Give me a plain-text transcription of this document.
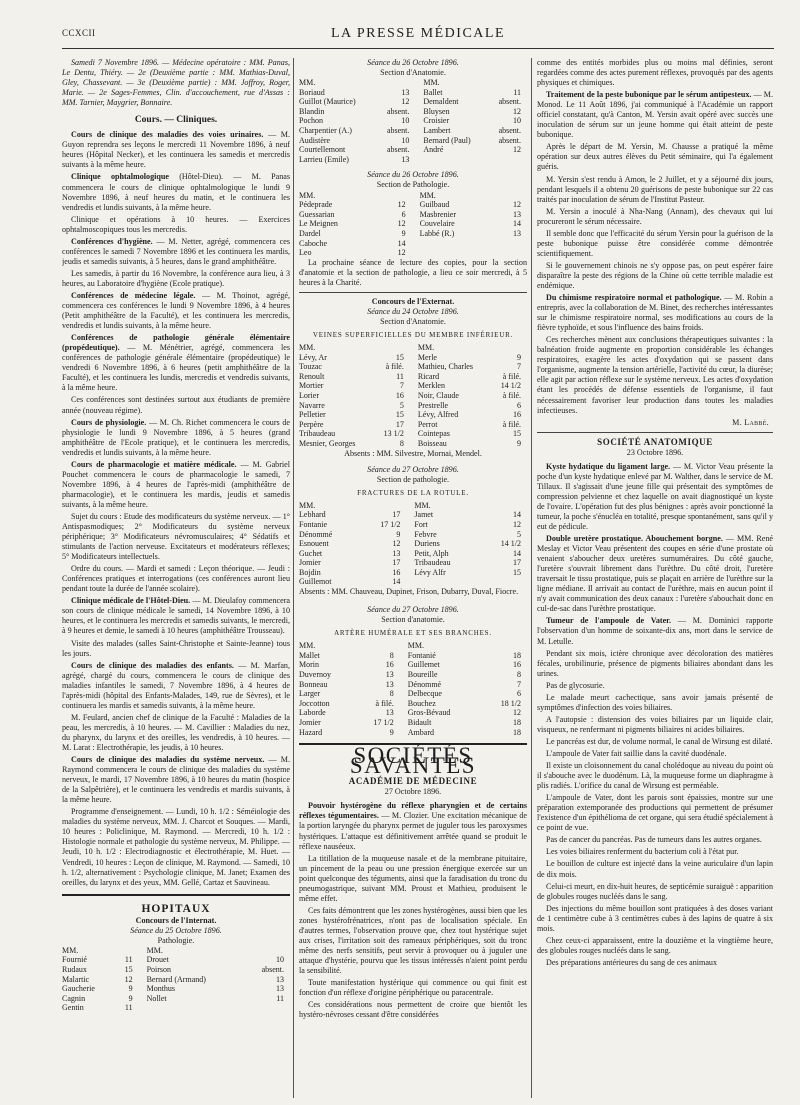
CCXCII	LA PRESSE MÉDICALE

Samedi 7 Novembre 1896. — Médecine opératoire : MM. Panas, Le Dentu, Thiéry. — 2e (Deuxième partie : MM. Mathias-Duval, Gley, Chassevant. — 3e (Deuxième partie) : MM. Joffroy, Roger, Marie. — 2e Sages-Femmes, Clin. d'accouchement, rue d'Assas : MM. Tarnier, Maygrier, Bonnaire.

Cours. — Cliniques.

Cours de clinique des maladies des voies urinaires. — M. Guyon reprendra ses leçons le mercredi 11 Novembre 1896, à neuf heures (Hôpital Necker), et les continuera les samedis et mercredis suivants à la même heure.

Clinique ophtalmologique (Hôtel-Dieu). — M. Panas commencera le cours de clinique ophtalmologique le lundi 9 Novembre 1896, à neuf heures du matin, et le continuera les vendredis et lundis suivants, à la même heure.

Clinique et opérations à 10 heures. — Exercices ophtalmoscopiques tous les mercredis.

Conférences d'hygiène. — M. Netter, agrégé, commencera ces conférences le samedi 7 Novembre 1896 et les continuera les mardis, jeudis et samedis suivants, à 5 heures, dans le grand amphithéâtre.

Les samedis, à partir du 16 Novembre, la conférence aura lieu, à 3 heures, au Laboratoire d'hygiène (Ecole pratique).

Conférences de médecine légale. — M. Thoinot, agrégé, commencera ces conférences le lundi 9 Novembre 1896, à 4 heures (Petit amphithéâtre de la Faculté), et les continuera les mercredis, vendredis et lundis suivants, à la même heure.

Conférences de pathologie générale élémentaire (propédeutique). — M. Ménétrier, agrégé, commencera les conférences de pathologie générale élémentaire (propédeutique) le vendredi 6 Novembre 1896, à 6 heures (petit amphithéâtre de la Faculté), et les continuera les lundis, mercredis et vendredis suivants, à la même heure.

Ces conférences sont destinées surtout aux étudiants de première année (nouveau régime).

Cours de physiologie. — M. Ch. Richet commencera le cours de physiologie le lundi 9 Novembre 1896, à 5 heures (grand amphithéâtre de l'Ecole pratique), et le continuera les mercredis, vendredis et lundis suivants, à la même heure.

Cours de pharmacologie et matière médicale. — M. Gabriel Pouchet commencera le cours de pharmacologie le samedi, 7 Novembre 1896, à 4 heures de l'après-midi (amphithéâtre de pharmacologie), et le continuera les mardis, jeudis et samedis suivants, à la même heure.

Sujet du cours : Etude des modificateurs du système nerveux. — 1° Antispasmodiques; 2° Modificateurs du système nerveux périphérique; 3° Modificateurs névromusculaires; 4° Sédatifs et stimulants de l'action nerveuse. Excitateurs et modérateurs réflexes; 5° Modificateurs intellectuels.

Ordre du cours. — Mardi et samedi : Leçon théorique. — Jeudi : Conférences pratiques et interrogations (ces conférences auront lieu pendant toute la durée de l'année scolaire).

Clinique médicale de l'Hôtel-Dieu. — M. Dieulafoy commencera son cours de clinique médicale le samedi, 14 Novembre 1896, à 10 heures, et le continuera les mercredis et samedis suivants, le mercredi, à 9 heures et demie, le samedi à 10 heures (amphithéâtre Trousseau).

Visite des malades (salles Saint-Christophe et Sainte-Jeanne) tous les jours.

Cours de clinique des maladies des enfants. — M. Marfan, agrégé, chargé du cours, commencera le cours de clinique des maladies infantiles le samedi, 7 Novembre 1896, à 4 heures de l'après-midi (hôpital des Enfants-Malades, 149, rue de Sèvres), et le continuera les mardis et samedis suivants, à la même heure.

M. Feulard, ancien chef de clinique de la Faculté : Maladies de la peau, les mercredis, à 10 heures. — M. Cavillier : Maladies du nez, du pharynx, du larynx et des oreilles, les vendredis, à 10 heures. — M. Larat : Electrothérapie, les jeudis, à 10 heures.

Cours de clinique des maladies du système nerveux. — M. Raymond commencera le cours de clinique des maladies du système nerveux, le mardi, 17 Novembre 1896, à 10 heures du matin (hospice de la Salpêtrière), et le continuera les vendredis et mardis suivants, à la même heure.

Programme d'enseignement. — Lundi, 10 h. 1/2 : Séméiologie des maladies du système nerveux, MM. J. Charcot et Souques. — Mardi, 10 heures : Policlinique, M. Raymond. — Mercredi, 10 h. 1/2 : Histologie normale et pathologie du système nerveux, M. Philippe. — Jeudi, 10 h. 1/2 : Electrodiagnostic et électrothérapie, M. Huet. — Vendredi, 10 heures : Leçon de clinique, M. Raymond. — Samedi, 10 h. 1/2, alternativement : Psychologie clinique, M. Janet; Examen des oreilles, du larynx et des yeux, MM. Gellé, Cartaz et Sauvineau.

HOPITAUX
Concours de l'Internat.
Séance du 25 Octobre 1896.
Pathologie.
MM.			MM.	
Fournié	11		Drouet	10
Rudaux	15		Poirson	absent.
Malartic	12		Bernard (Armand)	13
Gaucherie	9		Monthus	13
Cagnin	9		Nollet	11
Gentin	11			
Séance du 26 Octobre 1896.
Section d'Anatomie.
MM.			MM.	
Boriaud	13		Ballet	11
Guillot (Maurice)	12		Demaldent	absent.
Blandin	absent.		Bluysen	12
Pochon	10		Croisier	10
Charpentier (A.)	absent.		Lambert	absent.
Audistère	10		Bernard (Paul)	absent.
Courtellemont	absent.		André	12
Larrieu (Emile)	13			
Séance du 26 Octobre 1896.
Section de Pathologie.
MM.			MM.	
Pédeprade	12		Guilbaud	12
Guessarian	6		Masbrenier	13
Le Meignen	12		Couvelaire	14
Dardel	9		Labbé (R.)	13
Caboche	14			
Leo	12			

La prochaine séance de lecture des copies, pour la section d'anatomie et la section de pathologie, a lieu ce soir mercredi, à 5 heures à la Charité.

Concours de l'Externat.
Séance du 24 Octobre 1896.
Section d'Anatomie.
VEINES SUPERFICIELLES DU MEMBRE INFÉRIEUR.
MM.			MM.	
Lévy, Ar	15		Merle	9
Touzac	à filé.		Mathieu, Charles	7
Renoult	11		Ricard	à filé.
Mortier	7		Merklen	14 1/2
Lorier	16		Noir, Claude	à filé.
Navarre	5		Prestrelle	6
Pelletier	15		Lévy, Alfred	16
Perpère	17		Perrot	à filé.
Tribaudeau	13 1/2		Cointepas	15
Mesnier, Georges	8		Boisseau	9
Absents : MM. Silvestre, Mornai, Mendel.
Séance du 27 Octobre 1896.
Section de pathologie.
FRACTURES DE LA ROTULE.
MM.			MM.	
Lebhard	17		Jamet	14
Fontanie	17 1/2		Fort	12
Dénommé	9		Febvre	5
Esnouent	12		Duriens	14 1/2
Guchet	13		Petit, Alph	14
Jomier	17		Tribaudeau	17
Bojdin	16		Lévy Alfr	15
Guillemot	14			

Absents : MM. Chauveau, Dupinet, Frison, Dubarry, Duval, Fiocre.

Séance du 27 Octobre 1896.
Section d'anatomie.
ARTÈRE HUMÉRALE ET SES BRANCHES.
MM.			MM.	
Mallet	8		Fontanié	18
Morin	16		Guillemet	16
Duvernoy	13		Boureille	8
Bonneau	13		Dénommé	7
Larger	8		Delbecque	6
Joccotton	à filé.		Bouchez	18 1/2
Laborde	13		Gros-Bévaud	12
Jomier	17 1/2		Bidault	18
Hazard	9		Ambard	18
SOCIÉTÉS SAVANTES
ACADÉMIE DE MÉDECINE
27 Octobre 1896.

Pouvoir hystérogène du réflexe pharyngien et de certains réflexes tégumentaires. — M. Clozier. Une excitation mécanique de la portion laryngée du pharynx permet de juguler tous les paroxysmes hystériques. L'attaque est définitivement arrêtée quand se produit le réflexe nauséeux.

La titillation de la muqueuse nasale et de la membrane pituitaire, un pincement de la peau ou une pression énergique exercée sur un point quelconque des téguments, ainsi que la faradisation du tronc du pneumogastrique, suivant MM. Proust et Mathieu, produisent le même effet.

Ces faits démontrent que les zones hystérogènes, aussi bien que les zones hystérofrénatrices, n'ont pas de localisation spéciale. En d'autres termes, l'observation prouve que, chez tout hystérique sujet aux crises, l'irritation soit des rameaux périphériques, soit du tronc même des nerfs sensitifs, peut servir à provoquer ou à juguler une attaque d'hystérie, pourvu que les tissus intéressés n'aient point perdu la sensibilité.

Toute manifestation hystérique qui commence ou qui finit est fonction d'un réflexe d'origine périphérique ou paracentrale.

Ces considérations nous permettent de croire que bientôt les hystéro-névroses cessant d'être considérées

comme des entités morbides plus ou moins mal définies, seront regardées comme des actes purement réflexes, provoqués par des agents physiques et chimiques.

Traitement de la peste bubonique par le sérum antipesteux. — M. Monod. Le 11 Août 1896, j'ai communiqué à l'Académie un rapport officiel constatant, qu'à Canton, M. Yersin avait opéré avec succès une inoculation de sérum sur un jeune homme qui était atteint de peste bubonique.

Après le départ de M. Yersin, M. Chausse a pratiqué la même opération sur deux autres élèves du Petit séminaire, qui l'a également guéris.

M. Yersin s'est rendu à Amon, le 2 Juillet, et y a séjourné dix jours, pendant lesquels il a obtenu 20 guérisons de peste bubonique sur 22 cas traités par inoculation de sérum de l'Institut Pasteur.

M. Yersin a inoculé à Nha-Nang (Annam), des chevaux qui lui procureront le sérum nécessaire.

Il semble donc que l'efficacité du sérum Yersin pour la guérison de la peste bubonique puisse être considérée comme démontrée scientifiquement.

Si le gouvernement chinois ne s'y oppose pas, on peut espérer faire disparaître la peste des régions de la Chine où cette terrible maladie est endémique.

Du chimisme respiratoire normal et pathologique. — M. Robin a entrepris, avec la collaboration de M. Binet, des recherches intéressantes sur le chimisme respiratoire normal, ses modifications au cours de la fièvre typhoïde, et sous l'influence des bains froids.

Ces recherches mènent aux conclusions thérapeutiques suivantes : la balnéation froide augmente en proportion considérable les échanges respiratoires, exagère les actes d'oxydation qui se passent dans l'organisme, augmente la tension artérielle, l'activité du cœur, la diurèse; elle agit par action réflexe sur le système nerveux. Les actes d'oxydation étant les procédés de défense essentiels de l'organisme, il faut nécessairement favoriser leur production dans toutes les maladies infectieuses.

M. Labbé.
SOCIÉTÉ ANATOMIQUE
23 Octobre 1896.

Kyste hydatique du ligament large. — M. Victor Veau présente la poche d'un kyste hydatique enlevé par M. Walther, dans le service de M. Tillaux. Il s'agissait d'une jeune fille qui présentait des symptômes de compression pelvienne et chez laquelle on avait diagnostiqué un kyste de l'ovaire. L'opération fut des plus bénignes : après avoir ponctionné la tumeur, la poche s'énucléa en totalité, presque spontanément, sans qu'il y eut de pédicule.

Double uretère prostatique. Abouchement borgne. — MM. René Meslay et Victor Veau présentent des coupes en série d'une prostate où venaient s'aboucher deux uretères surnuméraires. Du côté gauche, l'uretère s'ouvrait librement dans l'urèthre. Du côté droit, l'uretère traversait le tissu prostatique, puis se plaçait en arrière de l'urèthre sur la ligne médiane. Il arrivait au contact de l'urèthre, mais en aucun point il n'y avait communication des deux canaux : l'uretère s'abouchait donc en cul-de-sac dans l'urèthre prostatique.

Tumeur de l'ampoule de Vater. — M. Dominici rapporte l'observation d'un homme de soixante-dix ans, mort dans le service de M. Letulle.

Pendant six mois, ictère chronique avec décoloration des matières fécales, urobilinurie, présence de pigments biliaires abondant dans les urines.

Pas de glycosurie.

Le malade meurt cachectique, sans avoir jamais présenté de symptômes d'infection des voies biliaires.

A l'autopsie : distension des voies biliaires par un liquide clair, visqueux, ne renfermant ni pigments biliaires ni acides biliaires.

Le pancréas est dur, de volume normal, le canal de Wirsung est dilaté.

L'ampoule de Vater fait saillie dans la cavité duodénale.

Il existe un cloisonnement du canal cholédoque au niveau du point où il s'abouche avec le duodénum. Là, la muqueuse forme un diaphragme à plis radiés. L'orifice du canal de Wirsung est perméable.

L'ampoule de Vater, dont les parois sont épaissies, montre sur une préparation extemporanée des productions qui permettent de présumer l'existence d'un épithélioma de cet organe, qui sera étudié spécialement à ce point de vue.

Pas de cancer du pancréas. Pas de tumeurs dans les autres organes.

Les voies biliaires renferment du bacterium coli à l'état pur.

Le bouillon de culture est injecté dans la veine auriculaire d'un lapin de dix mois.

Celui-ci meurt, en dix-huit heures, de septicémie suraiguë : apparition de globules rouges nucléés dans le sang.

Des injections du même bouillon sont pratiquées à des doses variant de 1 centimètre cube à 3 centimètres cubes à des lapins de quatre à six mois.

Chez ceux-ci apparaissent, entre la douzième et la vingtième heure, des globules rouges nucléés dans le sang.

Des préparations antérieures du sang de ces animaux
